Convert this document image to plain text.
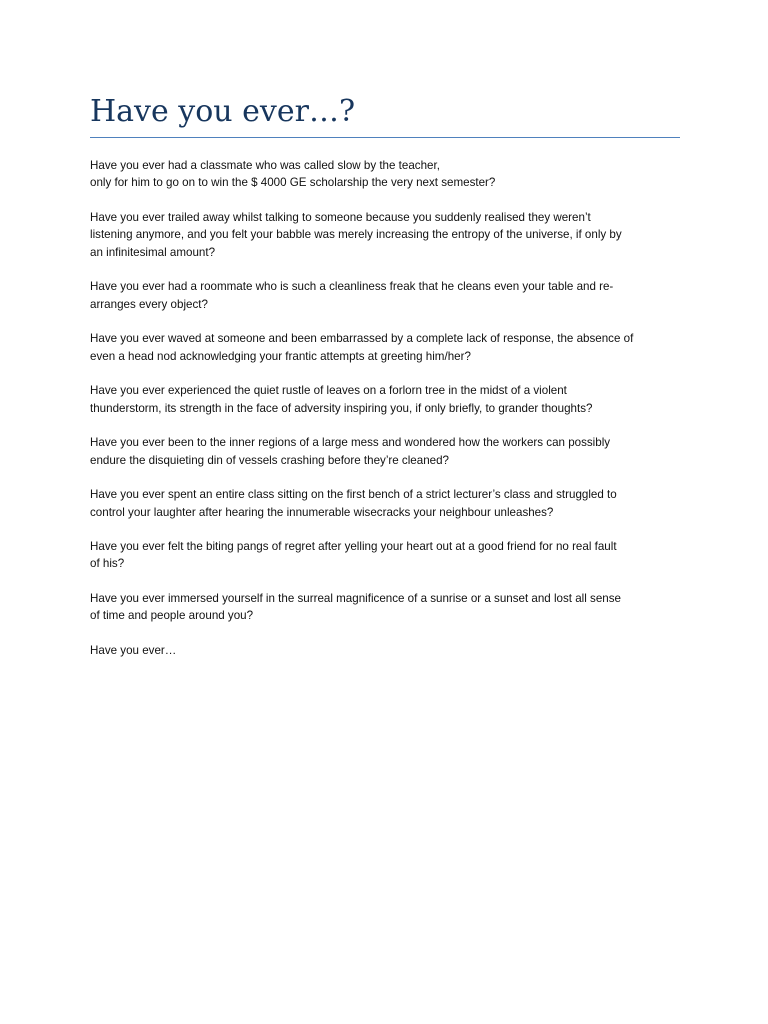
Have you ever…?

Have you ever had a classmate who was called slow by the teacher,
only for him to go on to win the $ 4000 GE scholarship the very next semester?

Have you ever trailed away whilst talking to someone because you suddenly realised they weren’t
listening anymore, and you felt your babble was merely increasing the entropy of the universe, if only by
an infinitesimal amount?

Have you ever had a roommate who is such a cleanliness freak that he cleans even your table and re-
arranges every object?

Have you ever waved at someone and been embarrassed by a complete lack of response, the absence of
even a head nod acknowledging your frantic attempts at greeting him/her?

Have you ever experienced the quiet rustle of leaves on a forlorn tree in the midst of a violent
thunderstorm, its strength in the face of adversity inspiring you, if only briefly, to grander thoughts?

Have you ever been to the inner regions of a large mess and wondered how the workers can possibly
endure the disquieting din of vessels crashing before they’re cleaned?

Have you ever spent an entire class sitting on the first bench of a strict lecturer’s class and struggled to
control your laughter after hearing the innumerable wisecracks your neighbour unleashes?

Have you ever felt the biting pangs of regret after yelling your heart out at a good friend for no real fault
of his?

Have you ever immersed yourself in the surreal magnificence of a sunrise or a sunset and lost all sense
of time and people around you?

Have you ever…
